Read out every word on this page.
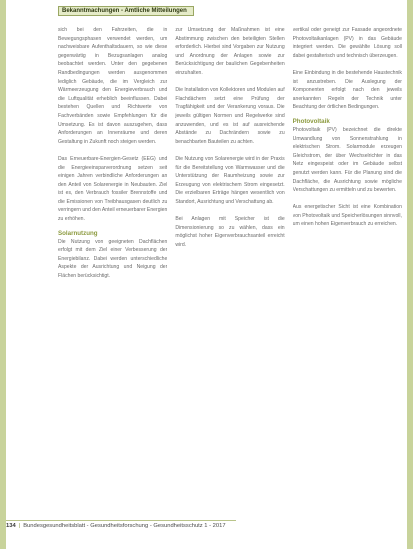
Bekanntmachungen - Amtliche Mitteilungen
sich bei den Fahrzeiten, die in Bewegungsphasen verwendet werden, um nachweisbare Aufenthaltsdauern, so wie diese gegenwärtig in Bezugsanlagen analog beobachtet werden. Unter den gegebenen Randbedingungen werden ausgenommen lediglich Gebäude, die im Vergleich zur Wärmeerzeugung den Energieverbrauch und die Luftqualität erheblich beeinflussen. Dabei bestehen Quellen und Richtwerte von Fachverbänden sowie Empfehlungen für die Umsetzung. Es ist davon auszugehen, dass Anforderungen an Innenräume und deren Gestaltung in Zukunft noch steigen werden.
Das Erneuerbare-Energien-Gesetz (EEG) und die Energieeinsparverordnung setzen seit einigen Jahren verbindliche Anforderungen an den Anteil von Solarenergie in Neubauten. Ziel ist es, den Verbrauch fossiler Brennstoffe und die Emissionen von Treibhausgasen deutlich zu verringern und den Anteil erneuerbarer Energien zu erhöhen.
Solarnutzung
Die Nutzung von geeigneten Dachflächen erfolgt mit dem Ziel einer Verbesserung der Energiebilanz. Dabei werden unterschiedliche Aspekte der Ausrichtung und Neigung der Flächen berücksichtigt.
zur Umsetzung der Maßnahmen ist eine Abstimmung zwischen den beteiligten Stellen erforderlich. Hierbei sind Vorgaben zur Nutzung und Anordnung der Anlagen sowie zur Berücksichtigung der baulichen Gegebenheiten einzuhalten.
Die Installation von Kollektoren und Modulen auf Flachdächern setzt eine Prüfung der Tragfähigkeit und der Verankerung voraus. Die jeweils gültigen Normen und Regelwerke sind anzuwenden, und es ist auf ausreichende Abstände zu Dachrändern sowie zu benachbarten Bauteilen zu achten.
Die Nutzung von Solarenergie wird in der Praxis für die Bereitstellung von Warmwasser und die Unterstützung der Raumheizung sowie zur Erzeugung von elektrischem Strom eingesetzt. Die erzielbaren Erträge hängen wesentlich von Standort, Ausrichtung und Verschattung ab.
Bei Anlagen mit Speicher ist die Dimensionierung so zu wählen, dass ein möglichst hoher Eigenverbrauchsanteil erreicht wird.
vertikal oder geneigt zur Fassade angeordnete Photovoltaikanlagen (PV) in das Gebäude integriert werden. Die gewählte Lösung soll dabei gestalterisch und technisch überzeugen.
Eine Einbindung in die bestehende Haustechnik ist anzustreben. Die Auslegung der Komponenten erfolgt nach den jeweils anerkannten Regeln der Technik unter Beachtung der örtlichen Bedingungen.
Photovoltaik
Photovoltaik (PV) bezeichnet die direkte Umwandlung von Sonnenstrahlung in elektrischen Strom. Solarmodule erzeugen Gleichstrom, der über Wechselrichter in das Netz eingespeist oder im Gebäude selbst genutzt werden kann. Für die Planung sind die Dachfläche, die Ausrichtung sowie mögliche Verschattungen zu ermitteln und zu bewerten.
Aus energetischer Sicht ist eine Kombination von Photovoltaik und Speicherlösungen sinnvoll, um einen hohen Eigenverbrauch zu erreichen.
134 | Bundesgesundheitsblatt - Gesundheitsforschung - Gesundheitsschutz 1 - 2017
